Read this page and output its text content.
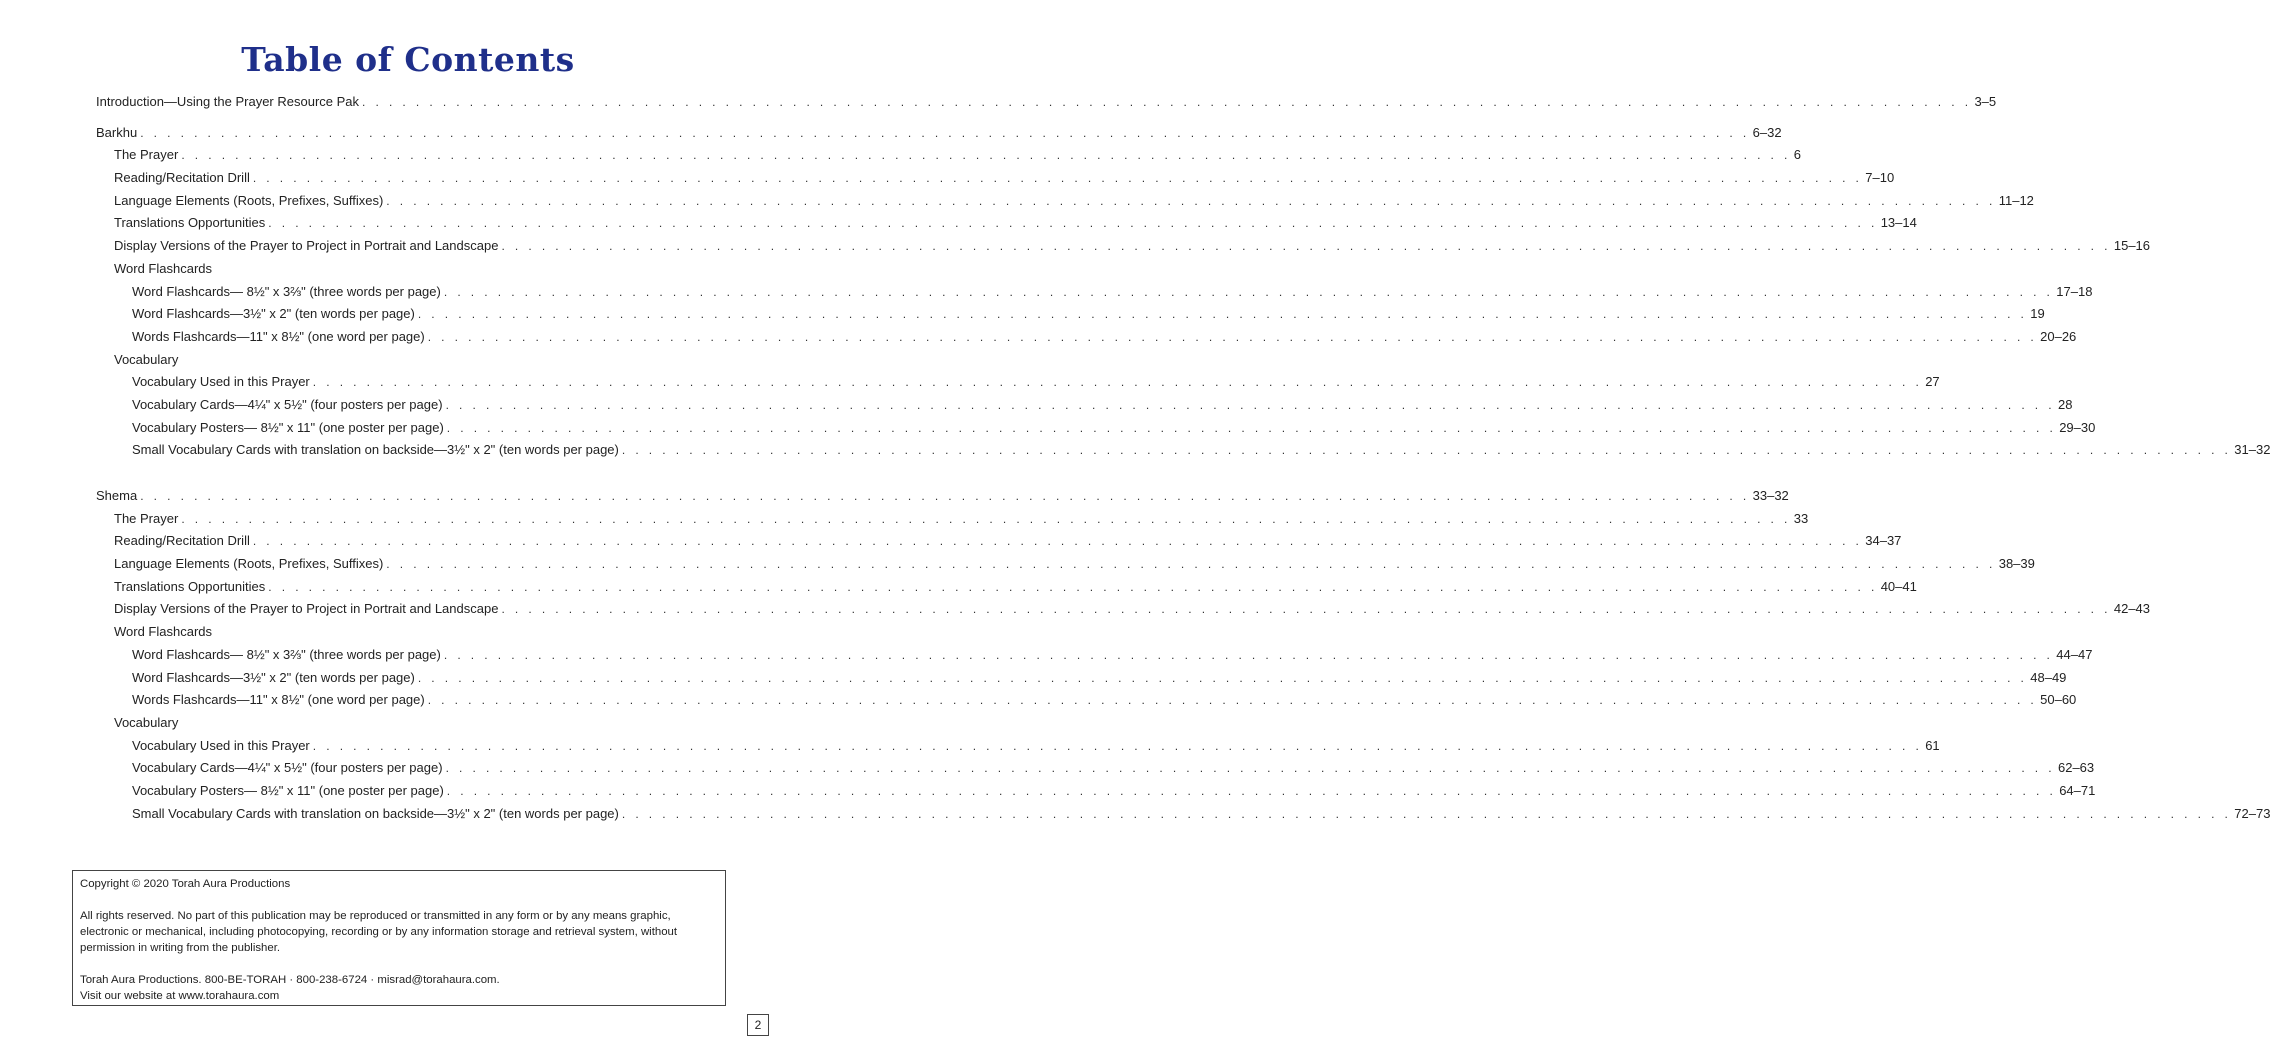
Table of Contents
Introduction—Using the Prayer Resource Pak . . . . . . . . . . . . . . . . . . . . . . . . . . . . . . . . . . . . . . . . . . . . . . . . . . . . . . . . . . . . . . . . . . . . . . . . . . . . . . . . . . . . . . . . . . . . . . . . . . . . . . . . . . . . . . . . . . . . . . . . 3–5
Barkhu . . . . . . . . . . . . . . . . . . . . . . . . . . . . . . . . . . . . . . . . . . . . . . . . . . . . . . . . . . . . . . . . . . . . . . . . . . . . . . . . . . . . . . . . . . . . . . . . . . . . . . . . . . . . . . . . . . . . . . . . 6–32
The Prayer . . . . . . . . . . . . . . . . . . . . . . . . . . . . . . . . . . . . . . . . . . . . . . . . . . . . . . . . . . . . . . . . . . . . . . . . . . . . . . . . . . . . . . . . . . . . . . . . . . . . . . . . . . . . . . . . . . . . . . . . 6
Reading/Recitation Drill . . . . . . . . . . . . . . . . . . . . . . . . . . . . . . . . . . . . . . . . . . . . . . . . . . . . . . . . . . . . . . . . . . . . . . . . . . . . . . . . . . . . . . . . . . . . . . . . . . . . . . . . . . . . . . . . . . . . . . . . 7–10
Language Elements (Roots, Prefixes, Suffixes) . . . . . . . . . . . . . . . . . . . . . . . . . . . . . . . . . . . . . . . . . . . . . . . . . . . . . . . . . . . . . . . . . . . . . . . . . . . . . . . . . . . . . . . . . . . . . . . . . . . . . . . . . . . . . . . . . . . . . . . . 11–12
Translations Opportunities . . . . . . . . . . . . . . . . . . . . . . . . . . . . . . . . . . . . . . . . . . . . . . . . . . . . . . . . . . . . . . . . . . . . . . . . . . . . . . . . . . . . . . . . . . . . . . . . . . . . . . . . . . . . . . . . . . . . . . . . 13–14
Display Versions of the Prayer to Project in Portrait and Landscape . . . . . . . . . . . . . . . . . . . . . . . . . . . . . . . . . . . . . . . . . . . . . . . . . . . . . . . . . . . . . . . . . . . . . . . . . . . . . . . . . . . . . . . . . . . . . . . . . . . . . . . . . . . . . . . . . . . . . . . . 15–16
Word Flashcards
Word Flashcards— 8½" x 3⅔" (three words per page) . . . . . . . . . . . . . . . . . . . . . . . . . . . . . . . . . . . . . . . . . . . . . . . . . . . . . . . . . . . . . . . . . . . . . . . . . . . . . . . . . . . . . . . . . . . . . . . . . . . . . . . . . . . . . . . . . . . . . . . . 17–18
Word Flashcards—3½" x 2" (ten words per page) . . . . . . . . . . . . . . . . . . . . . . . . . . . . . . . . . . . . . . . . . . . . . . . . . . . . . . . . . . . . . . . . . . . . . . . . . . . . . . . . . . . . . . . . . . . . . . . . . . . . . . . . . . . . . . . . . . . . . . . . 19
Words Flashcards—11" x 8½" (one word per page) . . . . . . . . . . . . . . . . . . . . . . . . . . . . . . . . . . . . . . . . . . . . . . . . . . . . . . . . . . . . . . . . . . . . . . . . . . . . . . . . . . . . . . . . . . . . . . . . . . . . . . . . . . . . . . . . . . . . . . . . 20–26
Vocabulary
Vocabulary Used in this Prayer . . . . . . . . . . . . . . . . . . . . . . . . . . . . . . . . . . . . . . . . . . . . . . . . . . . . . . . . . . . . . . . . . . . . . . . . . . . . . . . . . . . . . . . . . . . . . . . . . . . . . . . . . . . . . . . . . . . . . . . . 27
Vocabulary Cards—4¼" x 5½" (four posters per page) . . . . . . . . . . . . . . . . . . . . . . . . . . . . . . . . . . . . . . . . . . . . . . . . . . . . . . . . . . . . . . . . . . . . . . . . . . . . . . . . . . . . . . . . . . . . . . . . . . . . . . . . . . . . . . . . . . . . . . . . 28
Vocabulary Posters— 8½" x 11" (one poster per page) . . . . . . . . . . . . . . . . . . . . . . . . . . . . . . . . . . . . . . . . . . . . . . . . . . . . . . . . . . . . . . . . . . . . . . . . . . . . . . . . . . . . . . . . . . . . . . . . . . . . . . . . . . . . . . . . . . . . . . . . 29–30
Small Vocabulary Cards with translation on backside—3½" x 2" (ten words per page) . . . . . . . . . . . . . . . . . . . . . . . . . . . . . . . . . . . . . . . . . . . . . . . . . . . . . . . . . . . . . . . . . . . . . . . . . . . . . . . . . . . . . . . . . . . . . . . . . . . . . . . . . . . . . . . . . . . . . . . . 31–32
Shema . . . . . . . . . . . . . . . . . . . . . . . . . . . . . . . . . . . . . . . . . . . . . . . . . . . . . . . . . . . . . . . . . . . . . . . . . . . . . . . . . . . . . . . . . . . . . . . . . . . . . . . . . . . . . . . . . . . . . . . . 33–32
The Prayer . . . . . . . . . . . . . . . . . . . . . . . . . . . . . . . . . . . . . . . . . . . . . . . . . . . . . . . . . . . . . . . . . . . . . . . . . . . . . . . . . . . . . . . . . . . . . . . . . . . . . . . . . . . . . . . . . . . . . . . . 33
Reading/Recitation Drill . . . . . . . . . . . . . . . . . . . . . . . . . . . . . . . . . . . . . . . . . . . . . . . . . . . . . . . . . . . . . . . . . . . . . . . . . . . . . . . . . . . . . . . . . . . . . . . . . . . . . . . . . . . . . . . . . . . . . . . . 34–37
Language Elements (Roots, Prefixes, Suffixes) . . . . . . . . . . . . . . . . . . . . . . . . . . . . . . . . . . . . . . . . . . . . . . . . . . . . . . . . . . . . . . . . . . . . . . . . . . . . . . . . . . . . . . . . . . . . . . . . . . . . . . . . . . . . . . . . . . . . . . . . 38–39
Translations Opportunities . . . . . . . . . . . . . . . . . . . . . . . . . . . . . . . . . . . . . . . . . . . . . . . . . . . . . . . . . . . . . . . . . . . . . . . . . . . . . . . . . . . . . . . . . . . . . . . . . . . . . . . . . . . . . . . . . . . . . . . . 40–41
Display Versions of the Prayer to Project in Portrait and Landscape . . . . . . . . . . . . . . . . . . . . . . . . . . . . . . . . . . . . . . . . . . . . . . . . . . . . . . . . . . . . . . . . . . . . . . . . . . . . . . . . . . . . . . . . . . . . . . . . . . . . . . . . . . . . . . . . . . . . . . . . 42–43
Word Flashcards
Word Flashcards— 8½" x 3⅔" (three words per page) . . . . . . . . . . . . . . . . . . . . . . . . . . . . . . . . . . . . . . . . . . . . . . . . . . . . . . . . . . . . . . . . . . . . . . . . . . . . . . . . . . . . . . . . . . . . . . . . . . . . . . . . . . . . . . . . . . . . . . . . 44–47
Word Flashcards—3½" x 2" (ten words per page) . . . . . . . . . . . . . . . . . . . . . . . . . . . . . . . . . . . . . . . . . . . . . . . . . . . . . . . . . . . . . . . . . . . . . . . . . . . . . . . . . . . . . . . . . . . . . . . . . . . . . . . . . . . . . . . . . . . . . . . . 48–49
Words Flashcards—11" x 8½" (one word per page) . . . . . . . . . . . . . . . . . . . . . . . . . . . . . . . . . . . . . . . . . . . . . . . . . . . . . . . . . . . . . . . . . . . . . . . . . . . . . . . . . . . . . . . . . . . . . . . . . . . . . . . . . . . . . . . . . . . . . . . . 50–60
Vocabulary
Vocabulary Used in this Prayer . . . . . . . . . . . . . . . . . . . . . . . . . . . . . . . . . . . . . . . . . . . . . . . . . . . . . . . . . . . . . . . . . . . . . . . . . . . . . . . . . . . . . . . . . . . . . . . . . . . . . . . . . . . . . . . . . . . . . . . . 61
Vocabulary Cards—4¼" x 5½" (four posters per page) . . . . . . . . . . . . . . . . . . . . . . . . . . . . . . . . . . . . . . . . . . . . . . . . . . . . . . . . . . . . . . . . . . . . . . . . . . . . . . . . . . . . . . . . . . . . . . . . . . . . . . . . . . . . . . . . . . . . . . . . 62–63
Vocabulary Posters— 8½" x 11" (one poster per page) . . . . . . . . . . . . . . . . . . . . . . . . . . . . . . . . . . . . . . . . . . . . . . . . . . . . . . . . . . . . . . . . . . . . . . . . . . . . . . . . . . . . . . . . . . . . . . . . . . . . . . . . . . . . . . . . . . . . . . . . 64–71
Small Vocabulary Cards with translation on backside—3½" x 2" (ten words per page) . . . . . . . . . . . . . . . . . . . . . . . . . . . . . . . . . . . . . . . . . . . . . . . . . . . . . . . . . . . . . . . . . . . . . . . . . . . . . . . . . . . . . . . . . . . . . . . . . . . . . . . . . . . . . . . . . . . . . . . . 72–73

Copyright © 2020 Torah Aura Productions

All rights reserved. No part of this publication may be reproduced or transmitted in any form or by any means graphic, electronic or mechanical, including photocopying, recording or by any information storage and retrieval system, without permission in writing from the publisher.

Torah Aura Productions. 800-BE-TORAH · 800-238-6724 · misrad@torahaura.com.

Visit our website at www.torahaura.com

2
